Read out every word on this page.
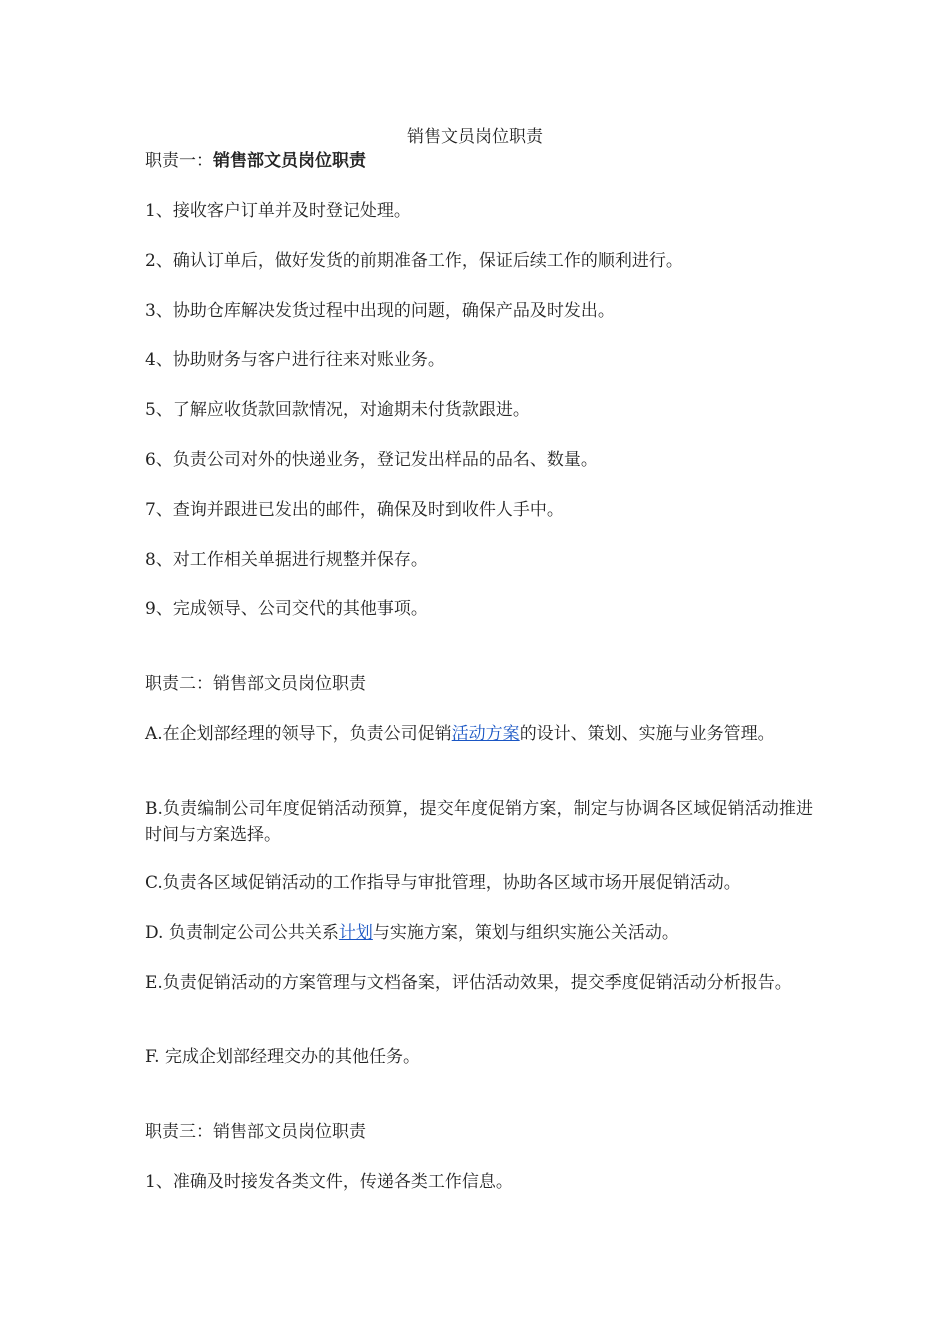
销售文员岗位职责
职责一：销售部文员岗位职责
1、接收客户订单并及时登记处理。
2、确认订单后，做好发货的前期准备工作，保证后续工作的顺利进行。
3、协助仓库解决发货过程中出现的问题，确保产品及时发出。
4、协助财务与客户进行往来对账业务。
5、了解应收货款回款情况，对逾期未付货款跟进。
6、负责公司对外的快递业务，登记发出样品的品名、数量。
7、查询并跟进已发出的邮件，确保及时到收件人手中。
8、对工作相关单据进行规整并保存。
9、完成领导、公司交代的其他事项。
职责二：销售部文员岗位职责
A.在企划部经理的领导下，负责公司促销活动方案的设计、策划、实施与业务管理。
B.负责编制公司年度促销活动预算，提交年度促销方案，制定与协调各区域促销活动推进时间与方案选择。
C.负责各区域促销活动的工作指导与审批管理，协助各区域市场开展促销活动。
D. 负责制定公司公共关系计划与实施方案，策划与组织实施公关活动。
E.负责促销活动的方案管理与文档备案，评估活动效果，提交季度促销活动分析报告。
F. 完成企划部经理交办的其他任务。
职责三：销售部文员岗位职责
1、准确及时接发各类文件，传递各类工作信息。
